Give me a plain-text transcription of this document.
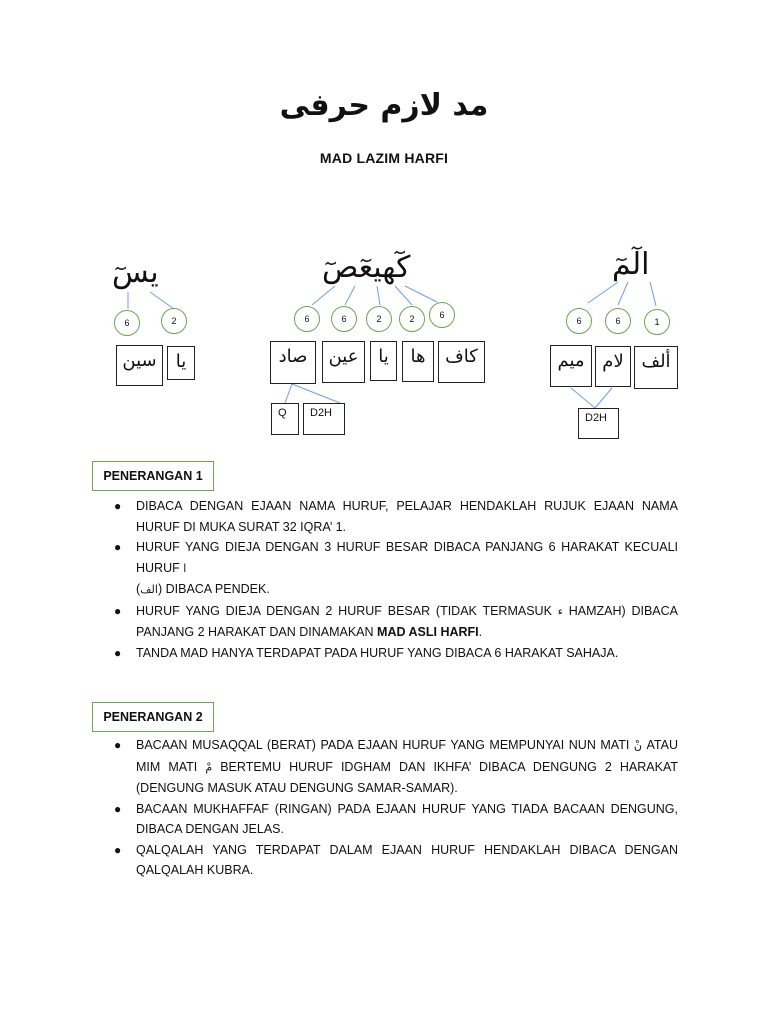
مد لازم حرفى
MAD LAZIM HARFI
يسٓ
6	2
سين	يا
كٓهيعٓصٓ
6	6	2	2	6
صاد	عين	يا	ها	كاف
Q	D2H
الٓمٓ
6	6	1
ميم لام ألف
D2H
PENERANGAN 1
● DIBACA DENGAN EJAAN NAMA HURUF, PELAJAR HENDAKLAH RUJUK EJAAN NAMA HURUF DI MUKA SURAT 32 IQRA’ 1.
● HURUF YANG DIEJA DENGAN 3 HURUF BESAR DIBACA PANJANG 6 HARAKAT KECUALI HURUF ا
(الف) DIBACA PENDEK.
● HURUF YANG DIEJA DENGAN 2 HURUF BESAR (TIDAK TERMASUK ء HAMZAH) DIBACA PANJANG 2 HARAKAT DAN DINAMAKAN MAD ASLI HARFI.
● TANDA MAD HANYA TERDAPAT PADA HURUF YANG DIBACA 6 HARAKAT SAHAJA.
PENERANGAN 2
● BACAAN MUSAQQAL (BERAT) PADA EJAAN HURUF YANG MEMPUNYAI NUN MATI نْ ATAU MIM MATI مْ BERTEMU HURUF IDGHAM DAN IKHFA’ DIBACA DENGUNG 2 HARAKAT (DENGUNG MASUK ATAU DENGUNG SAMAR-SAMAR).
● BACAAN MUKHAFFAF (RINGAN) PADA EJAAN HURUF YANG TIADA BACAAN DENGUNG, DIBACA DENGAN JELAS.
● QALQALAH YANG TERDAPAT DALAM EJAAN HURUF HENDAKLAH DIBACA DENGAN QALQALAH KUBRA.
